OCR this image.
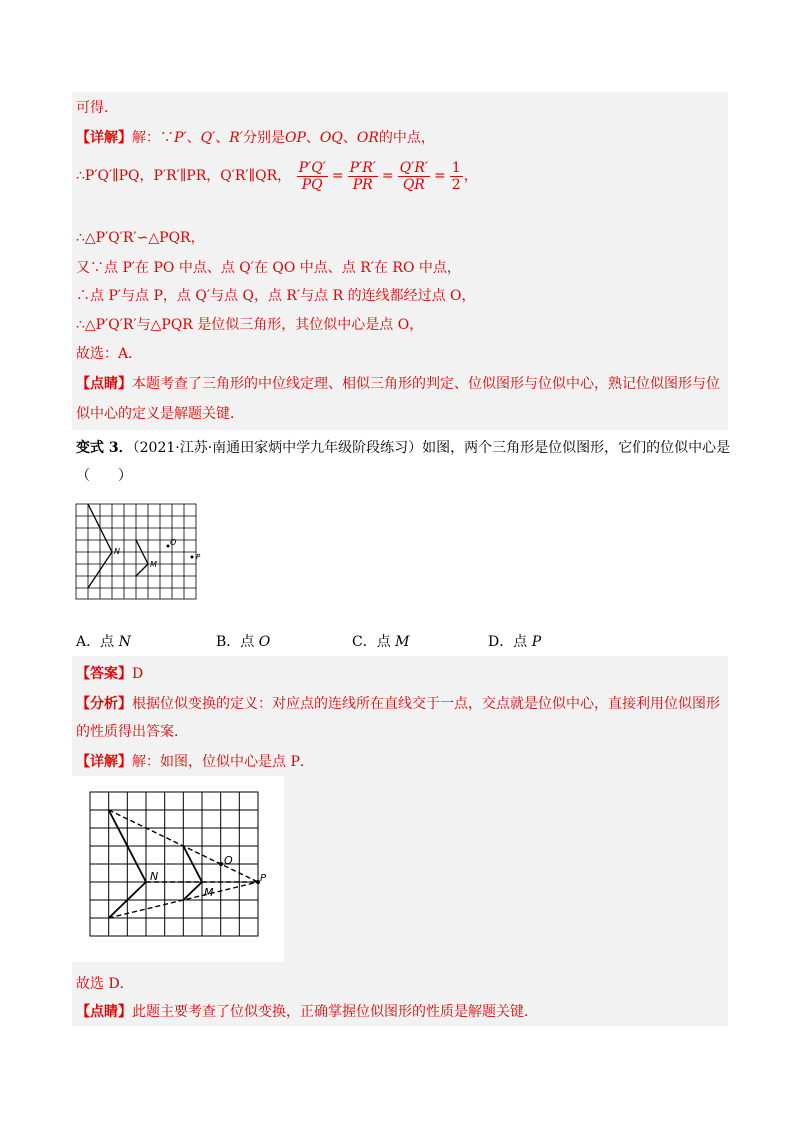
可得．
【详解】解：∵P′、Q′、R′分别是OP、OQ、OR的中点，
∴P′Q′∥PQ，P′R′∥PR，Q′R′∥QR， $\frac{P'Q'}{PQ} = \frac{P'R'}{PR} = \frac{Q'R'}{QR} = \frac{1}{2}$ ，
∴△P′Q′R′∽△PQR，
又∵点 P′在 PO 中点、点 Q′在 QO 中点、点 R′在 RO 中点，
∴点 P′与点 P，点 Q′与点 Q，点 R′与点 R 的连线都经过点 O，
∴△P′Q′R′与△PQR 是位似三角形，其位似中心是点 O，
故选：A．
【点睛】本题考查了三角形的中位线定理、相似三角形的判定、位似图形与位似中心，熟记位似图形与位
似中心的定义是解题关键．
变式 3．（2021·江苏·南通田家炳中学九年级阶段练习）如图，两个三角形是位似图形，它们的位似中心是
（　　）
N
O
M
P
A．点 N	B．点 O	C．点 M	D．点 P
【答案】D
【分析】根据位似变换的定义：对应点的连线所在直线交于一点，交点就是位似中心，直接利用位似图形
的性质得出答案．
【详解】解：如图，位似中心是点 P．
N
O
M
P
故选 D．
【点睛】此题主要考查了位似变换，正确掌握位似图形的性质是解题关键．
